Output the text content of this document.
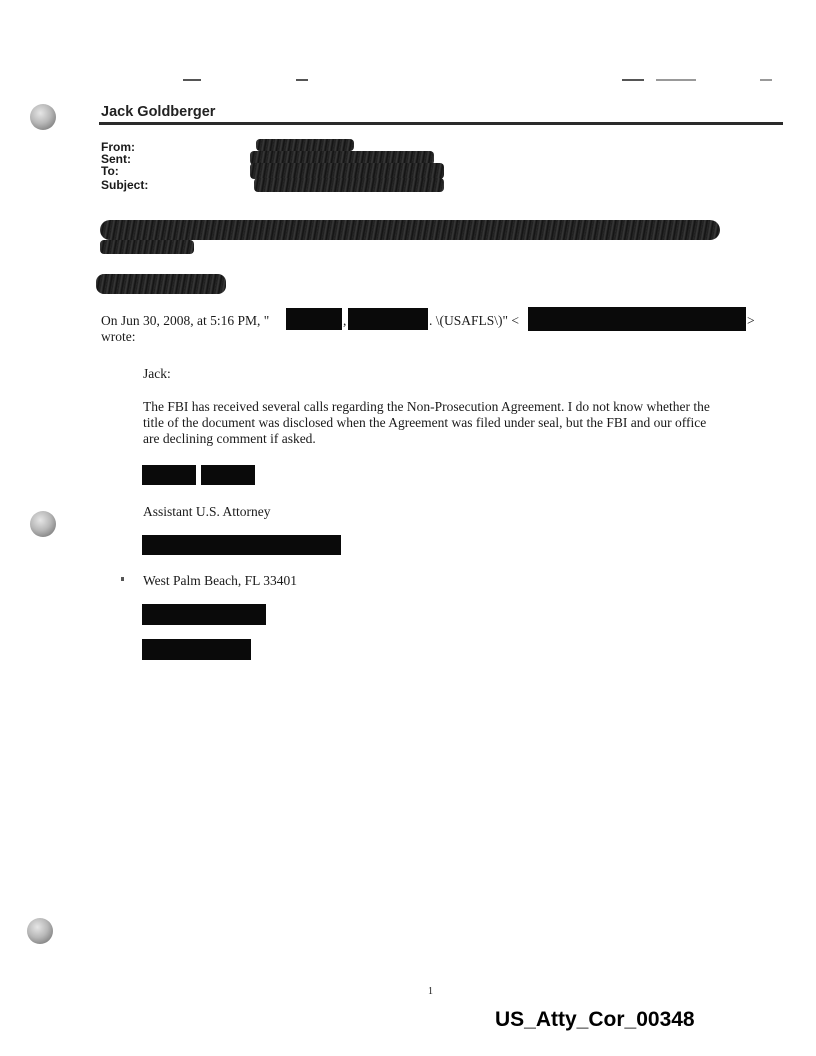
Jack Goldberger
From:
Sent:
To:
Subject:
On Jun 30, 2008, at 5:16 PM, "	,	. \(USAFLS\)" <	>
wrote:
Jack:
The FBI has received several calls regarding the Non-Prosecution Agreement. I do not know whether the title of the document was disclosed when the Agreement was filed under seal, but the FBI and our office are declining comment if asked.
Assistant U.S. Attorney
West Palm Beach, FL 33401
1
US_Atty_Cor_00348
